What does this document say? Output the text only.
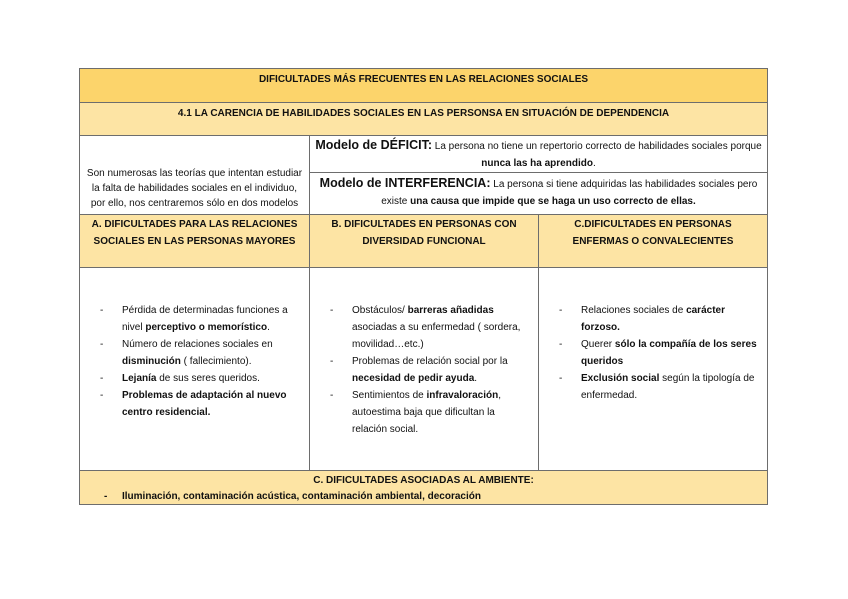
DIFICULTADES MÁS FRECUENTES EN LAS RELACIONES SOCIALES
4.1 LA CARENCIA DE HABILIDADES SOCIALES EN LAS PERSONSA EN SITUACIÓN DE DEPENDENCIA
Son numerosas las teorías que intentan estudiar la falta de habilidades sociales en el individuo, por ello, nos centraremos sólo en dos modelos
Modelo de DÉFICIT: La persona no tiene un repertorio correcto de habilidades sociales porque nunca las ha aprendido.
Modelo de INTERFERENCIA: La persona si tiene adquiridas las habilidades sociales pero existe una causa que impide que se haga un uso correcto de ellas.
A. DIFICULTADES PARA LAS RELACIONES SOCIALES EN LAS PERSONAS MAYORES
B. DIFICULTADES EN PERSONAS CON DIVERSIDAD FUNCIONAL
C.DIFICULTADES EN PERSONAS ENFERMAS O CONVALECIENTES
- Pérdida de determinadas funciones a nivel perceptivo o memorístico.
- Número de relaciones sociales en disminución ( fallecimiento).
- Lejanía de sus seres queridos.
- Problemas de adaptación al nuevo centro residencial.
- Obstáculos/ barreras añadidas asociadas a su enfermedad ( sordera, movilidad…etc.)
- Problemas de relación social por la necesidad de pedir ayuda.
- Sentimientos de infravaloración, autoestima baja que dificultan la relación social.
- Relaciones sociales de carácter forzoso.
- Querer sólo la compañía de los seres queridos
- Exclusión social según la tipología de enfermedad.
C. DIFICULTADES ASOCIADAS AL AMBIENTE:
- Iluminación, contaminación acústica, contaminación ambiental, decoración
